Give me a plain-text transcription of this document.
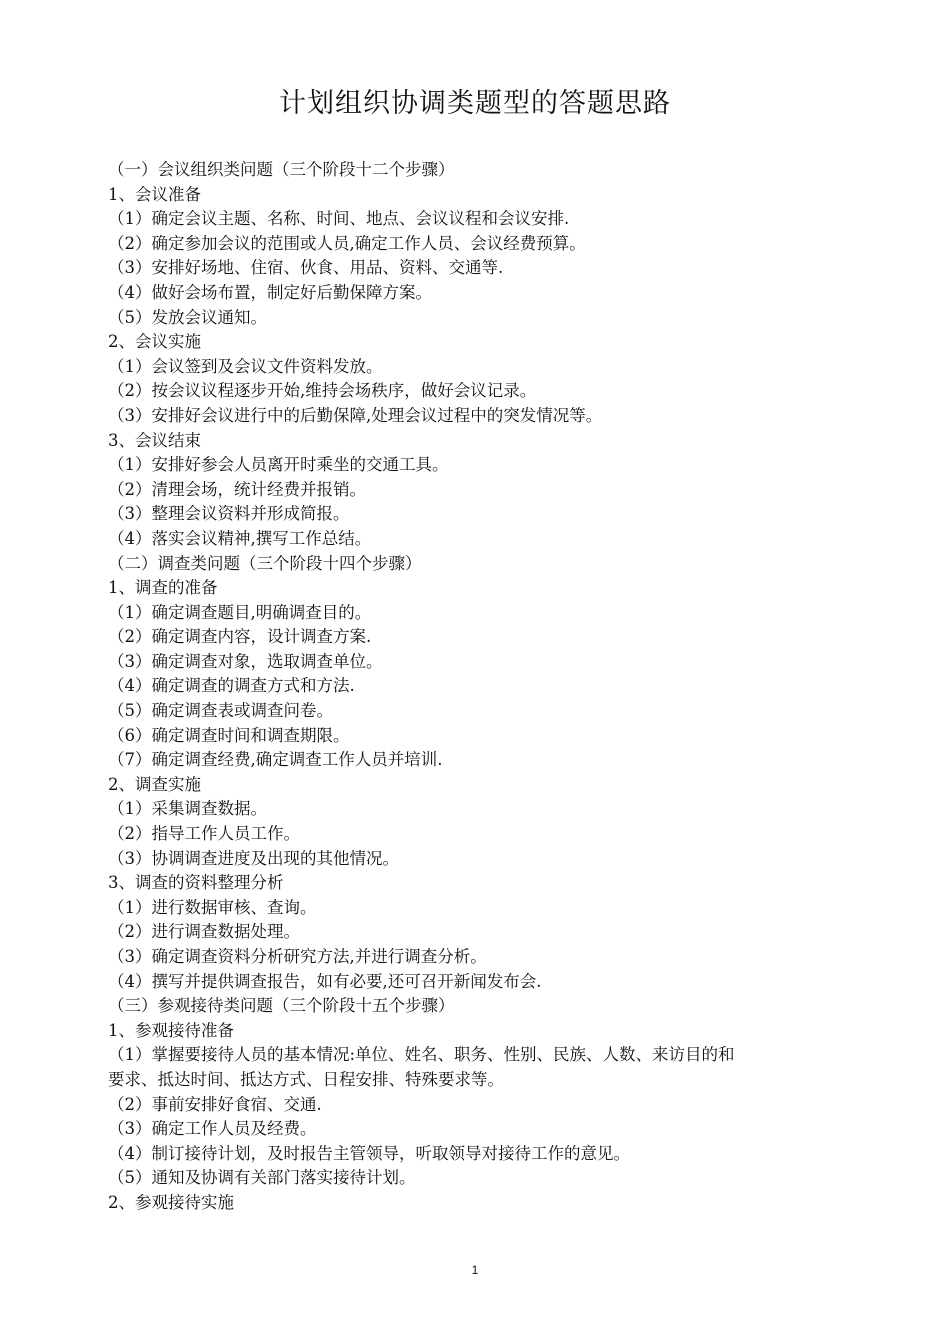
计划组织协调类题型的答题思路
（一）会议组织类问题（三个阶段十二个步骤）
1、会议准备
（1）确定会议主题、名称、时间、地点、会议议程和会议安排.
（2）确定参加会议的范围或人员,确定工作人员、会议经费预算。
（3）安排好场地、住宿、伙食、用品、资料、交通等.
（4）做好会场布置，制定好后勤保障方案。
（5）发放会议通知。
2、会议实施
（1）会议签到及会议文件资料发放。
（2）按会议议程逐步开始,维持会场秩序，做好会议记录。
（3）安排好会议进行中的后勤保障,处理会议过程中的突发情况等。
3、会议结束
（1）安排好参会人员离开时乘坐的交通工具。
（2）清理会场，统计经费并报销。
（3）整理会议资料并形成简报。
（4）落实会议精神,撰写工作总结。
（二）调查类问题（三个阶段十四个步骤）
1、调查的准备
（1）确定调查题目,明确调查目的。
（2）确定调查内容，设计调查方案.
（3）确定调查对象，选取调查单位。
（4）确定调查的调查方式和方法.
（5）确定调查表或调查问卷。
（6）确定调查时间和调查期限。
（7）确定调查经费,确定调查工作人员并培训.
2、调查实施
（1）采集调查数据。
（2）指导工作人员工作。
（3）协调调查进度及出现的其他情况。
3、调查的资料整理分析
（1）进行数据审核、查询。
（2）进行调查数据处理。
（3）确定调查资料分析研究方法,并进行调查分析。
（4）撰写并提供调查报告，如有必要,还可召开新闻发布会.
（三）参观接待类问题（三个阶段十五个步骤）
1、参观接待准备
（1）掌握要接待人员的基本情况:单位、姓名、职务、性别、民族、人数、来访目的和
要求、抵达时间、抵达方式、日程安排、特殊要求等。
（2）事前安排好食宿、交通.
（3）确定工作人员及经费。
（4）制订接待计划，及时报告主管领导，听取领导对接待工作的意见。
（5）通知及协调有关部门落实接待计划。
2、参观接待实施
1
